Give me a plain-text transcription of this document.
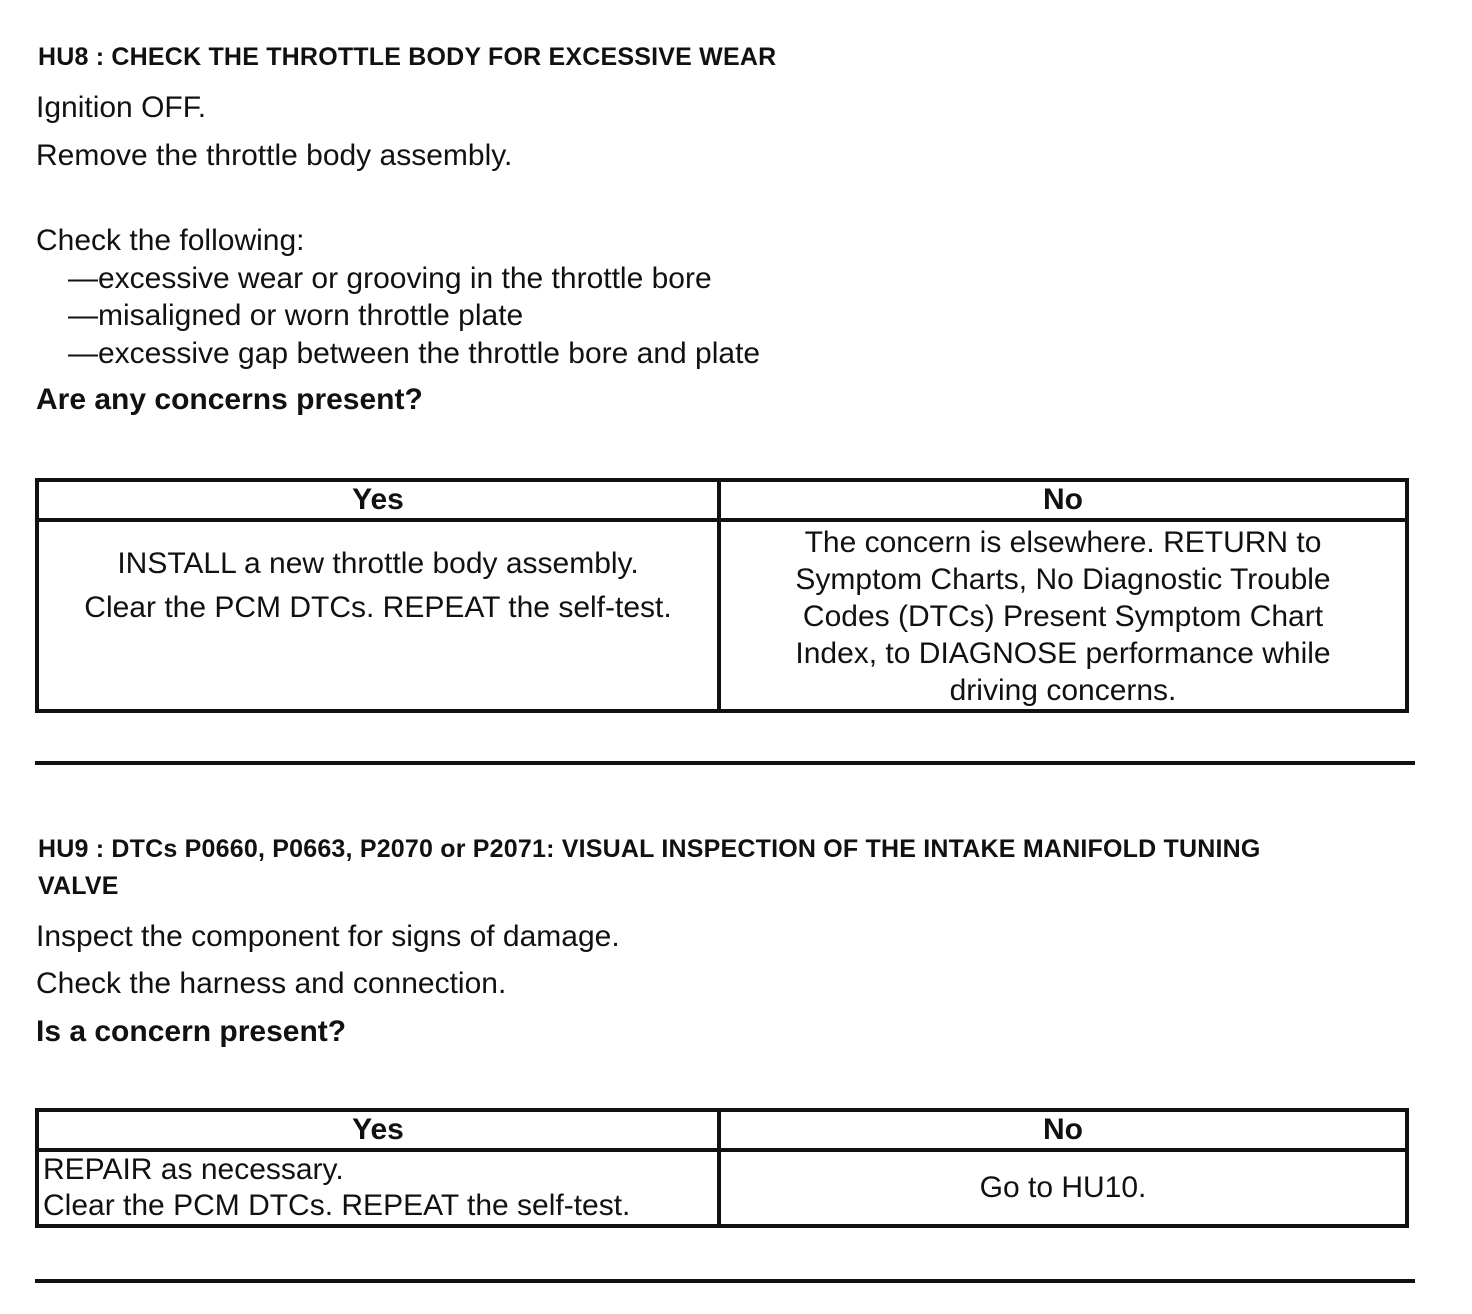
HU8 : CHECK THE THROTTLE BODY FOR EXCESSIVE WEAR

Ignition OFF.

Remove the throttle body assembly.

Check the following:

—excessive wear or grooving in the throttle bore

—misaligned or worn throttle plate

—excessive gap between the throttle bore and plate

Are any concerns present?

Yes	No

INSTALL a new throttle body assembly.
Clear the PCM DTCs. REPEAT the self-test.	The concern is elsewhere. RETURN to
Symptom Charts, No Diagnostic Trouble
Codes (DTCs) Present Symptom Chart
Index, to DIAGNOSE performance while
driving concerns.

HU9 : DTCs P0660, P0663, P2070 or P2071: VISUAL INSPECTION OF THE INTAKE MANIFOLD TUNING

VALVE

Inspect the component for signs of damage.

Check the harness and connection.

Is a concern present?

Yes	No

REPAIR as necessary.
Clear the PCM DTCs. REPEAT the self-test.	Go to HU10.
